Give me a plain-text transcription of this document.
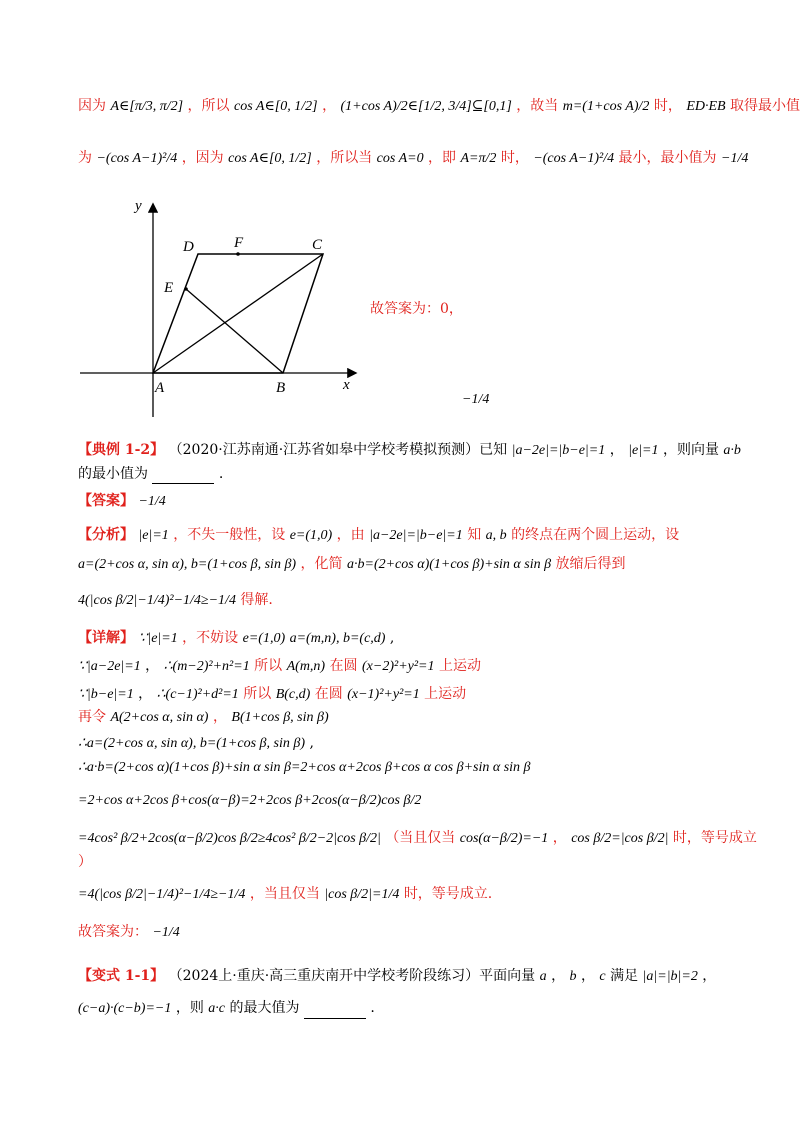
因为 A∈[π/3, π/2] ，所以 cos A∈[0, 1/2] ， (1+cos A)/2∈[1/2, 3/4]⊆[0,1] ，故当 m=(1+cos A)/2 时， ED·EB 取得最小值
为 −(cos A−1)²/4 ，因为 cos A∈[0, 1/2] ，所以当 cos A=0 ，即 A=π/2 时， −(cos A−1)²/4 最小，最小值为 −1/4
y
x
D	F	C
E
A	B
故答案为：0，
−1/4
【典例 1-2】 （2020·江苏南通·江苏省如皋中学校考模拟预测）已知 |a−2e|=|b−e|=1 ， |e|=1 ，则向量 a·b
的最小值为	.
【答案】 −1/4
【分析】 |e|=1 ，不失一般性，设 e=(1,0) ，由 |a−2e|=|b−e|=1 知 a, b 的终点在两个圆上运动，设
a=(2+cos α, sin α), b=(1+cos β, sin β) ，化简 a·b=(2+cos α)(1+cos β)+sin α sin β 放缩后得到
4(|cos β/2|−1/4)²−1/4≥−1/4 得解.
【详解】 ∵|e|=1 ，不妨设 e=(1,0) a=(m,n), b=(c,d) ,
∵|a−2e|=1 ， ∴(m−2)²+n²=1 所以 A(m,n) 在圆 (x−2)²+y²=1 上运动
∵|b−e|=1 ， ∴(c−1)²+d²=1 所以 B(c,d) 在圆 (x−1)²+y²=1 上运动
再令 A(2+cos α, sin α) ， B(1+cos β, sin β)
∴a=(2+cos α, sin α), b=(1+cos β, sin β) ,
∴a·b=(2+cos α)(1+cos β)+sin α sin β=2+cos α+2cos β+cos α cos β+sin α sin β
=2+cos α+2cos β+cos(α−β)=2+2cos β+2cos(α−β/2)cos β/2
=4cos² β/2+2cos(α−β/2)cos β/2≥4cos² β/2−2|cos β/2| （当且仅当 cos(α−β/2)=−1 ， cos β/2=|cos β/2| 时，等号成立
）
=4(|cos β/2|−1/4)²−1/4≥−1/4 ，当且仅当 |cos β/2|=1/4 时，等号成立.
故答案为： −1/4
【变式 1-1】 （2024上·重庆·高三重庆南开中学校考阶段练习）平面向量 a ， b ， c 满足 |a|=|b|=2 ，
(c−a)·(c−b)=−1 ，则 a·c 的最大值为	.
